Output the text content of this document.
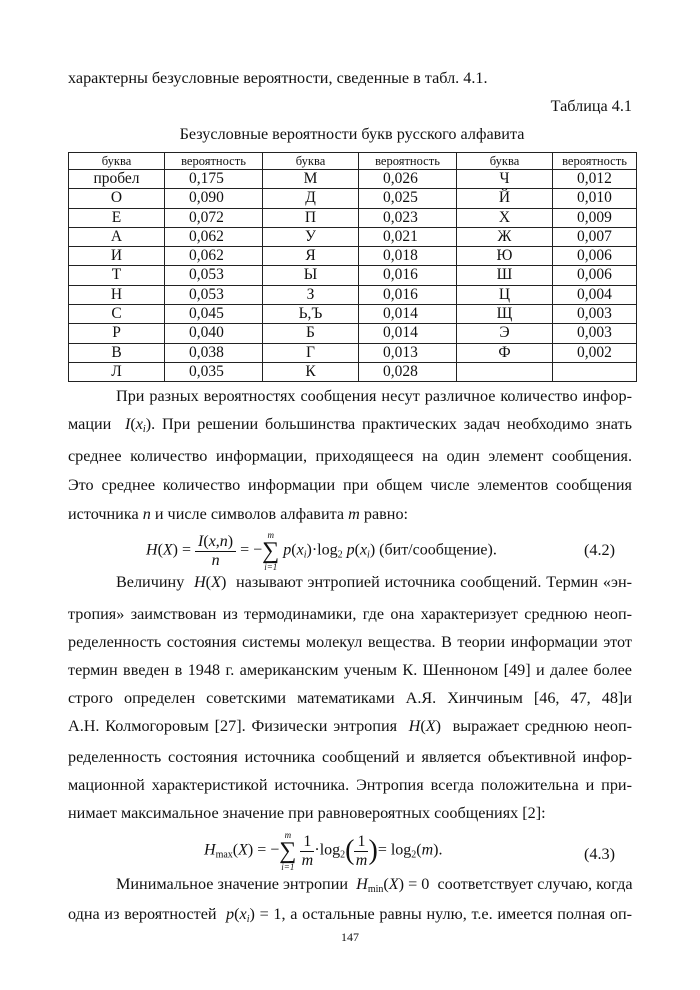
характерны безусловные вероятности, сведенные в табл. 4.1.
Таблица 4.1
Безусловные вероятности букв русского алфавита
буква	вероятность	буква	вероятность	буква	вероятность
пробел	0,175	М	0,026	Ч	0,012
О	0,090	Д	0,025	Й	0,010
Е	0,072	П	0,023	Х	0,009
А	0,062	У	0,021	Ж	0,007
И	0,062	Я	0,018	Ю	0,006
Т	0,053	Ы	0,016	Ш	0,006
Н	0,053	З	0,016	Ц	0,004
С	0,045	Ь,Ъ	0,014	Щ	0,003
Р	0,040	Б	0,014	Э	0,003
В	0,038	Г	0,013	Ф	0,002
Л	0,035	К	0,028		
При разных вероятностях сообщения несут различное количество инфор-
мации $I(x_i)$. При решении большинства практических задач необходимо знать
среднее количество информации, приходящееся на один элемент сообщения.
Это среднее количество информации при общем числе элементов сообщения
источника n и числе символов алфавита m равно:
$H(X) = \frac{I(x,n)}{n}$ = −
m
∑
i=1
$p(x_i)\cdot\log_2$ $p(x_i)$ (бит/сообщение).	(4.2)
Величину H(X)  называют энтропией источника сообщений. Термин «эн-
тропия» заимствован из термодинамики, где она характеризует среднюю неоп-
ределенность состояния системы молекул вещества. В теории информации этот
термин введен в 1948 г. американским ученым К. Шенноном [49] и далее более
строго определен советскими математиками А.Я. Хинчиным [46, 47, 48]и
А.Н. Колмогоровым [27]. Физически энтропия H(X)  выражает среднюю неоп-
ределенность состояния источника сообщений и является объективной инфор-
мационной характеристикой источника. Энтропия всегда положительна и при-
нимает максимальное значение при равновероятных сообщениях [2]:
$H_{max}(X)$ = −
m
∑
i=1
$\frac{1}{m} \cdot\log_2( \frac{1}{m}$ )= $\log_2(m)$.	(4.3)
Минимальное значение энтропии $H_{min}(X) = 0$  соответствует случаю, когда
одна из вероятностей $p(x_i) = 1$, а остальные равны нулю, т.е. имеется полная оп-
147
